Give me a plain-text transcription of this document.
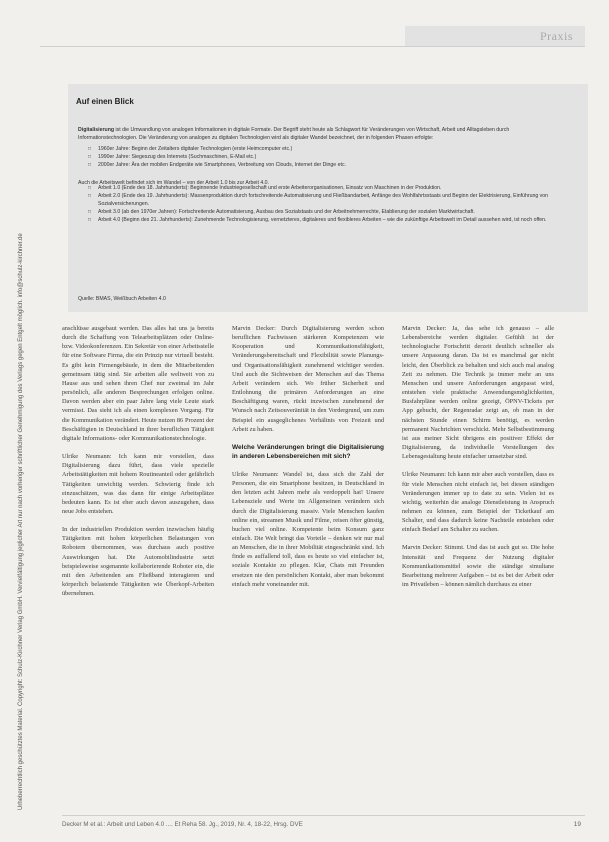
Praxis
Urheberrechtlich geschütztes Material. Copyright: Schulz-Kirchner Verlag GmbH. Vervielfältigung jeglicher Art nur nach vorheriger schriftlicher Genehmigung des Verlags gegen Entgelt möglich. info@schulz-kirchner.de
Auf einen Blick

Digitalisierung ist die Umwandlung von analogen Informationen in digitale Formate. Der Begriff steht heute als Schlagwort für Veränderungen von Wirtschaft, Arbeit und Alltagsleben durch Informationstechnologien. Die Veränderung von analogen zu digitalen Technologien wird als digitaler Wandel bezeichnet, der in folgenden Phasen erfolgte:

□ 1960er Jahre: Beginn der Zeitalters digitaler Technologien (erste Heimcomputer etc.)
□ 1990er Jahre: Siegeszug des Internets (Suchmaschinen, E-Mail etc.)
□ 2000er Jahre: Ära der mobilen Endgeräte wie Smartphones, Verbreitung von Clouds, Internet der Dinge etc.

Auch die Arbeitswelt befindet sich im Wandel – von der Arbeit 1.0 bis zur Arbeit 4.0.

□ Arbeit 1.0 (Ende des 18. Jahrhunderts): Beginnende Industriegesellschaft und erste Arbeiterorganisationen, Einsatz von Maschinen in der Produktion.
□ Arbeit 2.0 (Ende des 19. Jahrhunderts): Massenproduktion durch fortschreitende Automatisierung und Fließbandarbeit, Anfänge des Wohlfahrtsstaats und Beginn der Elektrisierung, Einführung von Sozialversicherungen.
□ Arbeit 3.0 (ab den 1970er Jahren): Fortschreitende Automatisierung, Ausbau des Sozialstaats und der Arbeitnehmerrechte, Etablierung der sozialen Marktwirtschaft.
□ Arbeit 4.0 (Beginn des 21. Jahrhunderts): Zunehmende Technologisierung, vernetzteres, digitaleres und flexibleres Arbeiten – wie die zukünftige Arbeitswelt im Detail aussehen wird, ist noch offen.
Quelle: BMAS, Weißbuch Arbeiten 4.0

anschlüsse ausgebaut werden. Das alles hat uns ja bereits durch die Schaffung von Telearbeitsplätzen oder Online- bzw. Videokonferenzen. Ein Sekretär von einer Arbeitsstelle für eine Software Firma, die ein Prinzip nur virtuell besteht. Es gibt kein Firmengebäude, in dem die Mitarbeitenden gemeinsam tätig sind. Sie arbeiten alle weltweit von zu Hause aus und sehen ihren Chef nur zweimal im Jahr persönlich, alle anderen Besprechungen erfolgen online. Davon werden aber ein paar Jahre lang viele Leute stark vermisst. Das sieht ich als einen komplexen Vorgang. Für die Kommunikation verändert. Heute nutzen 86 Prozent der Beschäftigten in Deutschland in ihrer beruflichen Tätigkeit digitale Informations- oder Kommunikationstechnologie.

Ulrike Neumann: Ich kann mir vorstellen, dass Digitalisierung dazu führt, dass viele spezielle Arbeitstätigkeiten mit hohem Routineanteil oder gefährlich Tätigkeiten unwichtig werden. Schwierig finde ich einzuschätzen, was das dann für einige Arbeitsplätze bedeuten kann. Es ist eher auch davon auszugehen, dass neue Jobs entstehen.

In der industriellen Produktion werden inzwischen häufig Tätigkeiten mit hohen körperlichen Belastungen von Robotern übernommen, was durchaus auch positive Auswirkungen hat. Die Automobilindustrie setzt beispielsweise sogenannte kollaborierende Roboter ein, die mit den Arbeitenden am Fließband interagieren und körperlich belastende Tätigkeiten wie Überkopf-Arbeiten übernehmen.

Marvin Decker: Durch Digitalisierung werden schon beruflichen Fachwissen stärkeren Kompetenzen wie Kooperation und Kommunikationsfähigkeit, Veränderungsbereitschaft und Flexibilität sowie Planungs- und Organisationsfähigkeit zunehmend wichtiger werden. Und auch die Sichtweisen der Menschen auf das Thema Arbeit verändern sich. Wo früher Sicherheit und Entlohnung die primären Anforderungen an eine Beschäftigung waren, rückt inzwischen zunehmend der Wunsch nach Zeitsouveränität in den Vordergrund, um zum Beispiel ein ausgeglichenes Verhältnis von Freizeit und Arbeit zu haben.

Welche Veränderungen bringt die Digitalisierung in anderen Lebensbereichen mit sich?

Ulrike Neumann: Wandel ist, dass sich die Zahl der Personen, die ein Smartphone besitzen, in Deutschland in den letzten acht Jahren mehr als verdoppelt hat! Unsere Lebensziele und Werte im Allgemeinen verändern sich durch die Digitalisierung massiv. Viele Menschen kaufen online ein, streamen Musik und Filme, reisen öfter günstig, buchen viel online. Kompetente beim Konsum ganz einfach. Die Welt bringt das Vorteile – denken wir nur mal an Menschen, die in ihrer Mobilität eingeschränkt sind. Ich finde es auffallend toll, dass es heute so viel einfacher ist, soziale Kontakte zu pflegen. Klar, Chats mit Freunden ersetzen nie den persönlichen Kontakt, aber man bekommt einfach mehr voneinander mit.

Marvin Decker: Ja, das sehe ich genauso – alle Lebensbereiche werden digitaler. Gefühlt ist der technologische Fortschritt derzeit deutlich schneller als unsere Anpassung daran. Da ist es manchmal gar nicht leicht, den Überblick zu behalten und sich auch mal analog Zeit zu nehmen. Die Technik ja immer mehr an uns Menschen und unsere Anforderungen angepasst wird, entstehen viele praktische Anwendungsmöglichkeiten, Busfahrpläne werden online gezeigt, ÖPNV-Tickets per App gebucht, der Regenradar zeigt an, ob man in der nächsten Stunde einen Schirm benötigt, es werden permanent Nachrichten verschickt. Mehr Selbstbestimmung ist aus meiner Sicht übrigens ein positiver Effekt der Digitalisierung, da individuelle Vorstellungen des Lebensgestaltung heute einfacher umsetzbar sind.

Ulrike Neumann: Ich kann mir aber auch vorstellen, dass es für viele Menschen nicht einfach ist, bei diesen ständigen Veränderungen immer up to date zu sein. Vielen ist es wichtig, weiterhin die analoge Dienstleistung in Anspruch nehmen zu können, zum Beispiel der Ticketkauf am Schalter, und dass dadurch keine Nachteile entstehen oder einfach Bedarf am Schalter zu suchen.

Marvin Decker: Stimmt. Und das ist auch gut so. Die hohe Intensität und Frequenz der Nutzung digitaler Kommunikationsmittel sowie die ständige simultane Bearbeitung mehrerer Aufgaben – ist es bei der Arbeit oder im Privatleben – können nämlich durchaus zu einer

Decker M et al.: Arbeit und Leben 4.0 .... Et Reha 58. Jg., 2019, Nr. 4, 18-22, Hrsg. DVE	19
